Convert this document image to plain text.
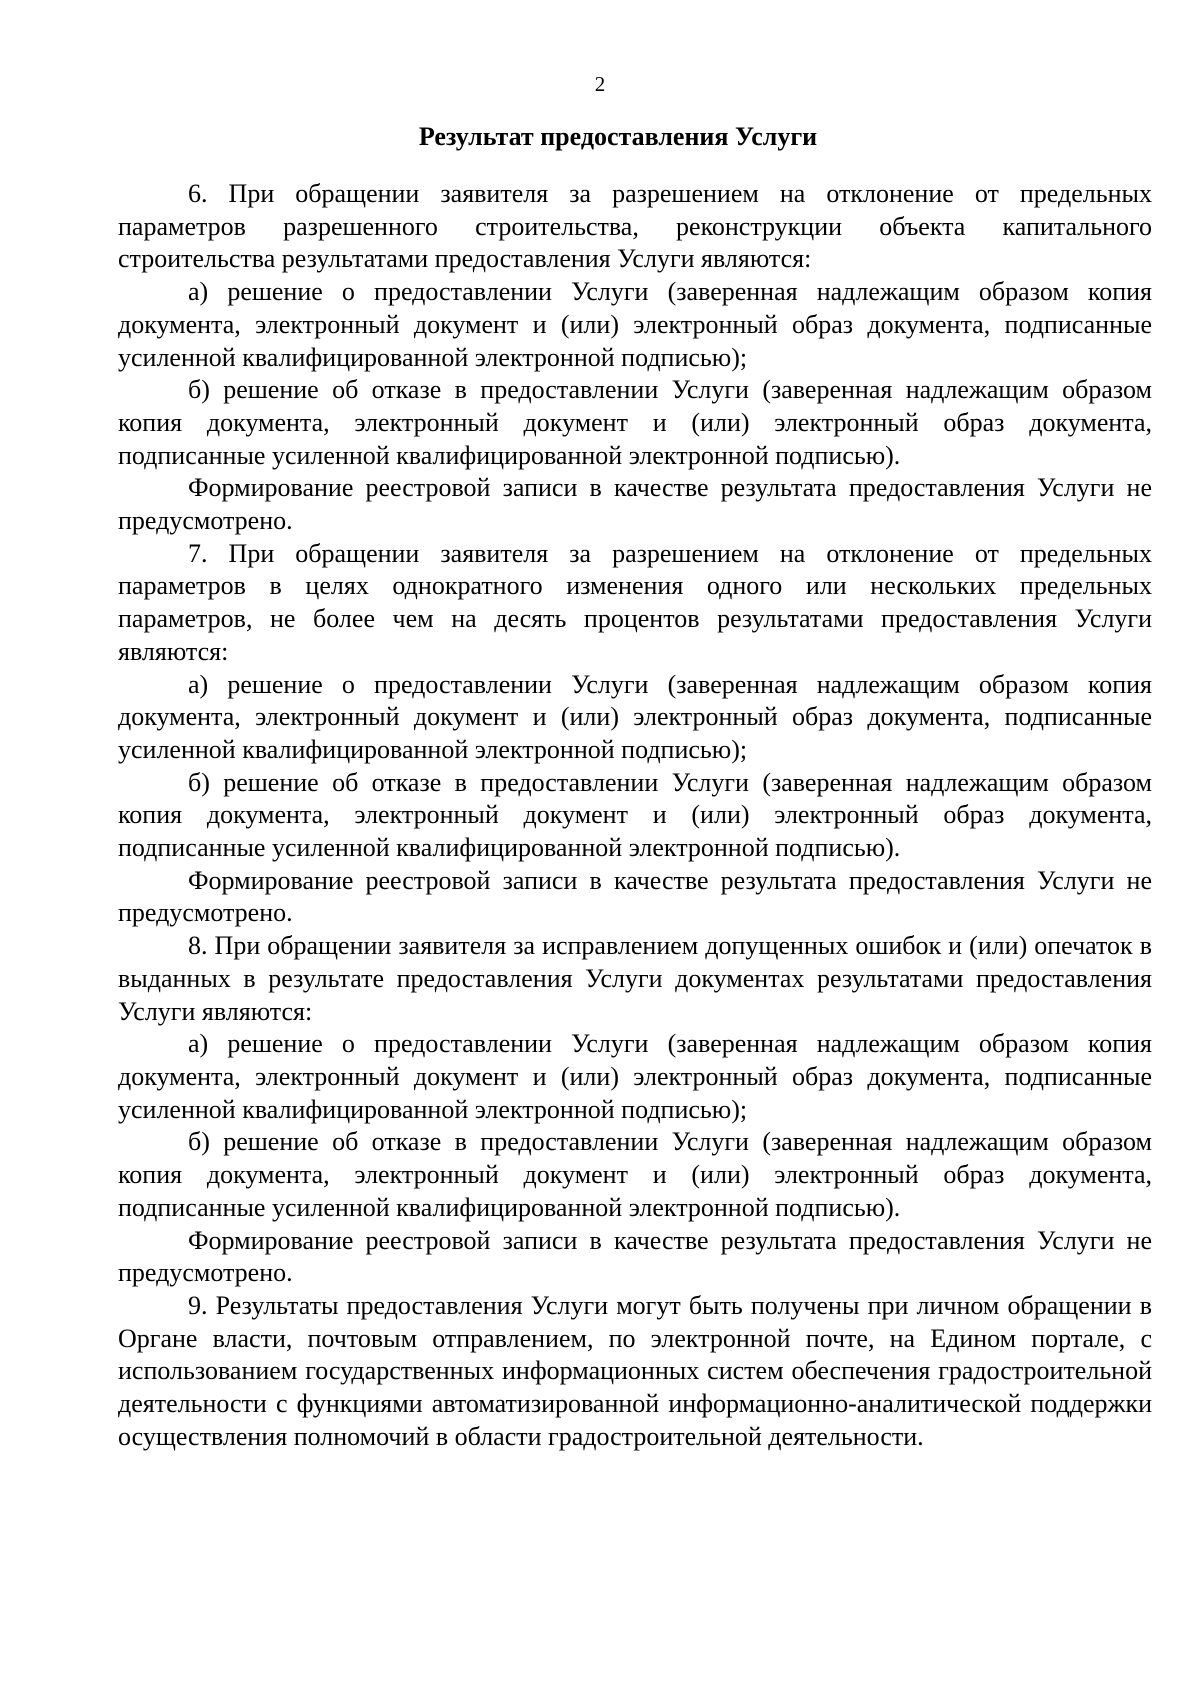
2
Результат предоставления Услуги

6. При обращении заявителя за разрешением на отклонение от предельных параметров разрешенного строительства, реконструкции объекта капитального строительства результатами предоставления Услуги являются:

а) решение о предоставлении Услуги (заверенная надлежащим образом копия документа, электронный документ и (или) электронный образ документа, подписанные усиленной квалифицированной электронной подписью);

б) решение об отказе в предоставлении Услуги (заверенная надлежащим образом копия документа, электронный документ и (или) электронный образ документа, подписанные усиленной квалифицированной электронной подписью).

Формирование реестровой записи в качестве результата предоставления Услуги не предусмотрено.

7. При обращении заявителя за разрешением на отклонение от предельных параметров в целях однократного изменения одного или нескольких предельных параметров, не более чем на десять процентов результатами предоставления Услуги являются:

а) решение о предоставлении Услуги (заверенная надлежащим образом копия документа, электронный документ и (или) электронный образ документа, подписанные усиленной квалифицированной электронной подписью);

б) решение об отказе в предоставлении Услуги (заверенная надлежащим образом копия документа, электронный документ и (или) электронный образ документа, подписанные усиленной квалифицированной электронной подписью).

Формирование реестровой записи в качестве результата предоставления Услуги не предусмотрено.

8. При обращении заявителя за исправлением допущенных ошибок и (или) опечаток в выданных в результате предоставления Услуги документах результатами предоставления Услуги являются:

а) решение о предоставлении Услуги (заверенная надлежащим образом копия документа, электронный документ и (или) электронный образ документа, подписанные усиленной квалифицированной электронной подписью);

б) решение об отказе в предоставлении Услуги (заверенная надлежащим образом копия документа, электронный документ и (или) электронный образ документа, подписанные усиленной квалифицированной электронной подписью).

Формирование реестровой записи в качестве результата предоставления Услуги не предусмотрено.

9. Результаты предоставления Услуги могут быть получены при личном обращении в Органе власти, почтовым отправлением, по электронной почте, на Едином портале, с использованием государственных информационных систем обеспечения градостроительной деятельности с функциями автоматизированной информационно-аналитической поддержки осуществления полномочий в области градостроительной деятельности.
